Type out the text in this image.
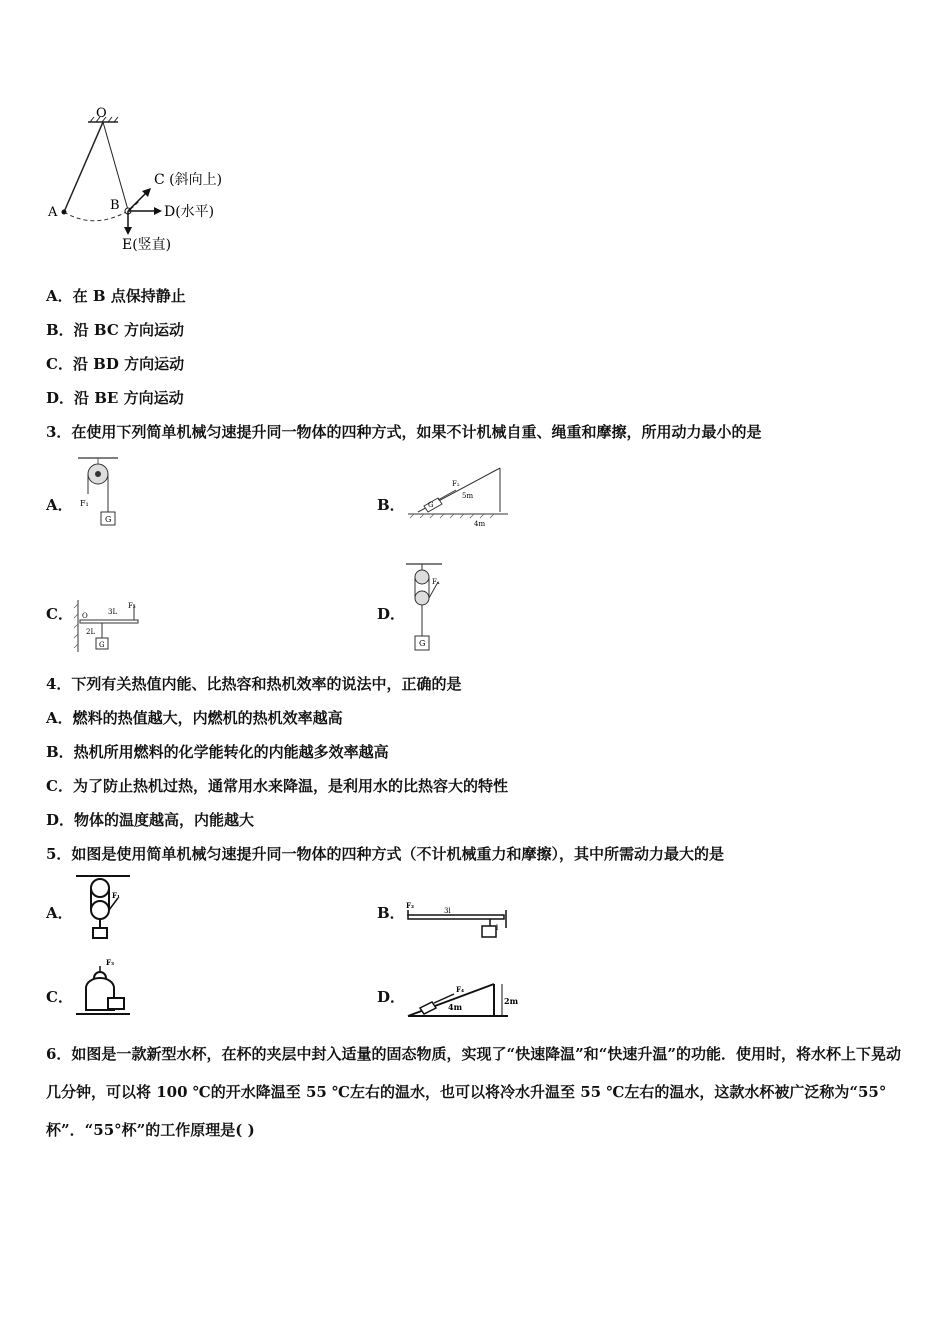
O
A	B
C (斜向上)
D(水平)
E(竖直)
A．在 B 点保持静止
B．沿 BC 方向运动
C．沿 BD 方向运动
D．沿 BE 方向运动
3．在使用下列简单机械匀速提升同一物体的四种方式，如果不计机械自重、绳重和摩擦，所用动力最小的是
A． F₁
G
B．	G
F₂
5m
4m
C． O	3L
F₃
2L
G
D．
F₄
G
4．下列有关热值内能、比热容和热机效率的说法中，正确的是
A．燃料的热值越大，内燃机的热机效率越高
B．热机所用燃料的化学能转化的内能越多效率越高
C．为了防止热机过热，通常用水来降温，是利用水的比热容大的特性
D．物体的温度越高，内能越大
5．如图是使用简单机械匀速提升同一物体的四种方式（不计机械重力和摩擦），其中所需动力最大的是
A．
F₁
B． F₂
3l
l
C．
F₃
D．	F₄
4m
2m
6．如图是一款新型水杯，在杯的夹层中封入适量的固态物质，实现了“快速降温”和“快速升温”的功能．使用时，将水杯上下晃动几分钟，可以将 100 ℃的开水降温至 55 ℃左右的温水，也可以将冷水升温至 55 ℃左右的温水，这款水杯被广泛称为“55°杯”．“55°杯”的工作原理是( )
